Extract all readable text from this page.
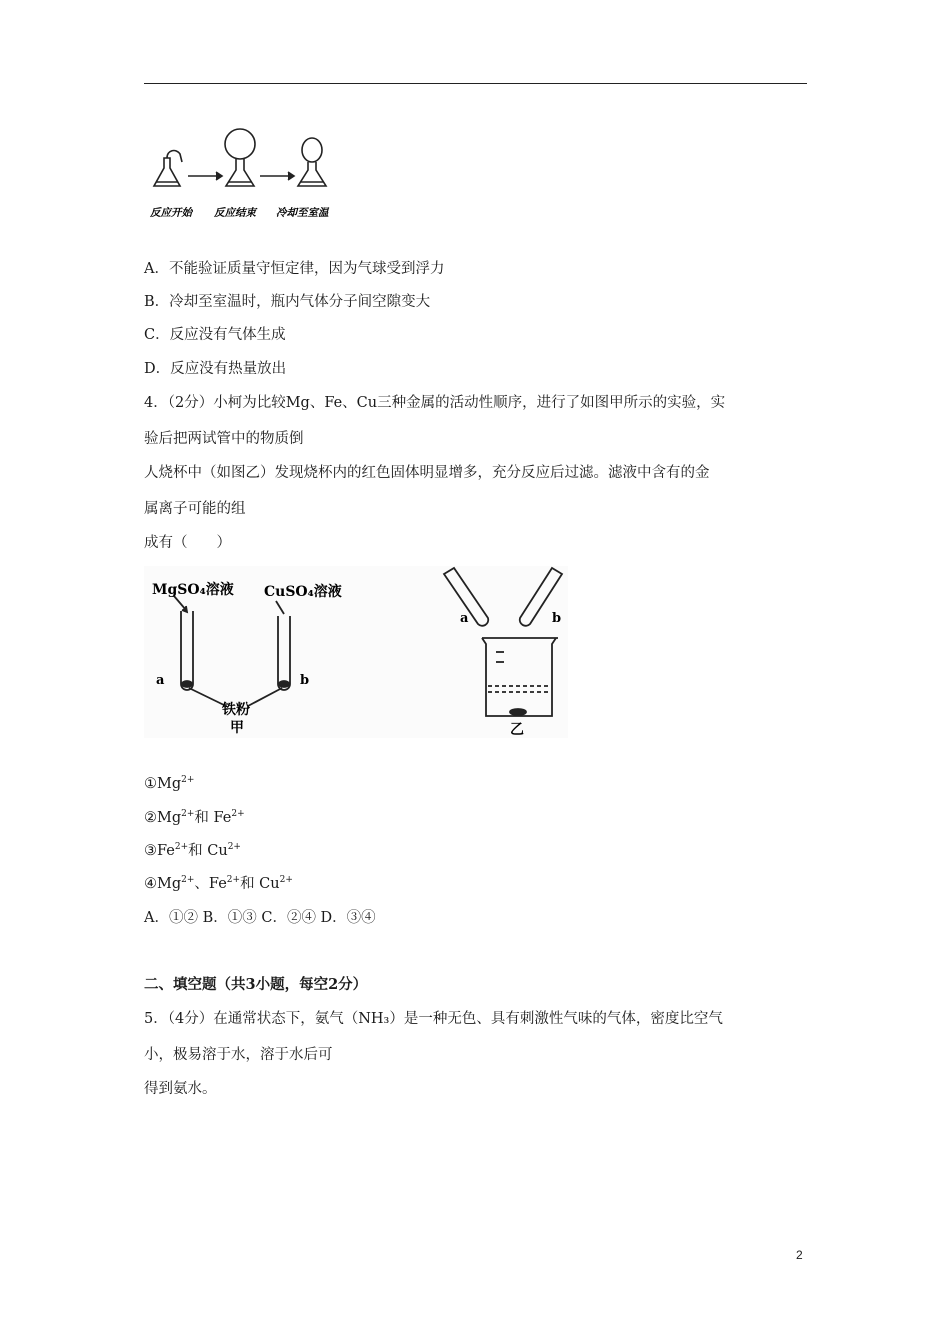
反应开始 反应结束 冷却至室温
A．不能验证质量守恒定律，因为气球受到浮力
B．冷却至室温时，瓶内气体分子间空隙变大
C．反应没有气体生成
D．反应没有热量放出
4．（2分）小柯为比较Mg、Fe、Cu三种金属的活动性顺序，进行了如图甲所示的实验，实
验后把两试管中的物质倒
人烧杯中（如图乙）发现烧杯内的红色固体明显增多，充分反应后过滤。滤液中含有的金
属离子可能的组
成有（　　）
MgSO₄溶液 CuSO₄溶液
a	b
铁粉
甲
a	b
乙
$①Mg^{2+}$
$②Mg^{2+}$和 $Fe^{2+}$
$③Fe^{2+}$和 $Cu^{2+}$
$④Mg^{2+}$、$Fe^{2+}$和 $Cu^{2+}$
A．①② B．①③ C．②④ D．③④
二、填空题（共3小题，每空2分）
5．（4分）在通常状态下，氨气（NH₃）是一种无色、具有刺激性气味的气体，密度比空气
小，极易溶于水，溶于水后可
得到氨水。
2
